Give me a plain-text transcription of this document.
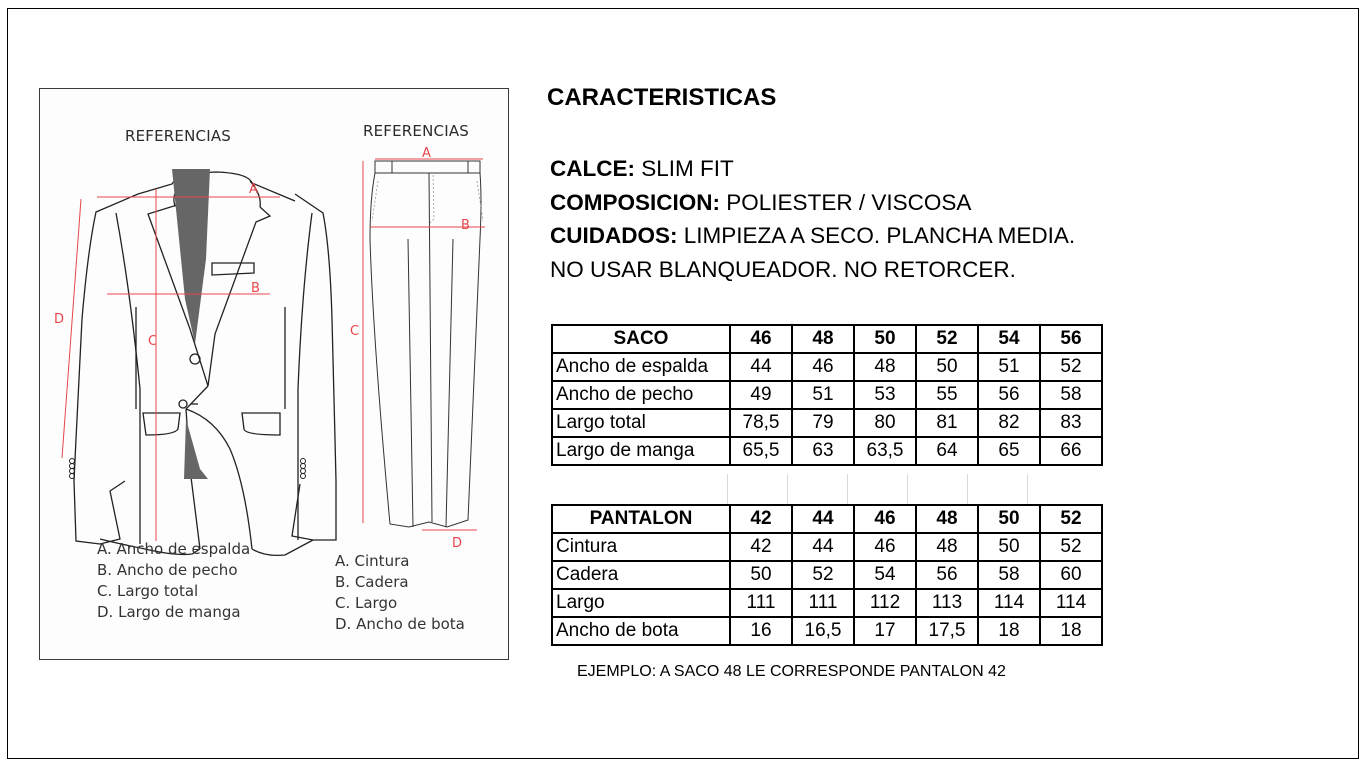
A
B
C
D
A
B
C
D
REFERENCIAS	REFERENCIAS
A. Ancho de espalda
B. Ancho de pecho
C. Largo total
D. Largo de manga
A. Cintura
B. Cadera
C. Largo
D. Ancho de bota
CARACTERISTICAS
CALCE: SLIM FIT
COMPOSICION: POLIESTER / VISCOSA
CUIDADOS: LIMPIEZA A SECO. PLANCHA MEDIA.
NO USAR BLANQUEADOR. NO RETORCER.
SACO	46	48	50	52	54	56
Ancho de espalda	44	46	48	50	51	52
Ancho de pecho	49	51	53	55	56	58
Largo total	78,5	79	80	81	82	83
Largo de manga	65,5	63	63,5	64	65	66
PANTALON	42	44	46	48	50	52
Cintura	42	44	46	48	50	52
Cadera	50	52	54	56	58	60
Largo	111	111	112	113	114	114
Ancho de bota	16	16,5	17	17,5	18	18
EJEMPLO: A SACO 48 LE CORRESPONDE PANTALON 42
